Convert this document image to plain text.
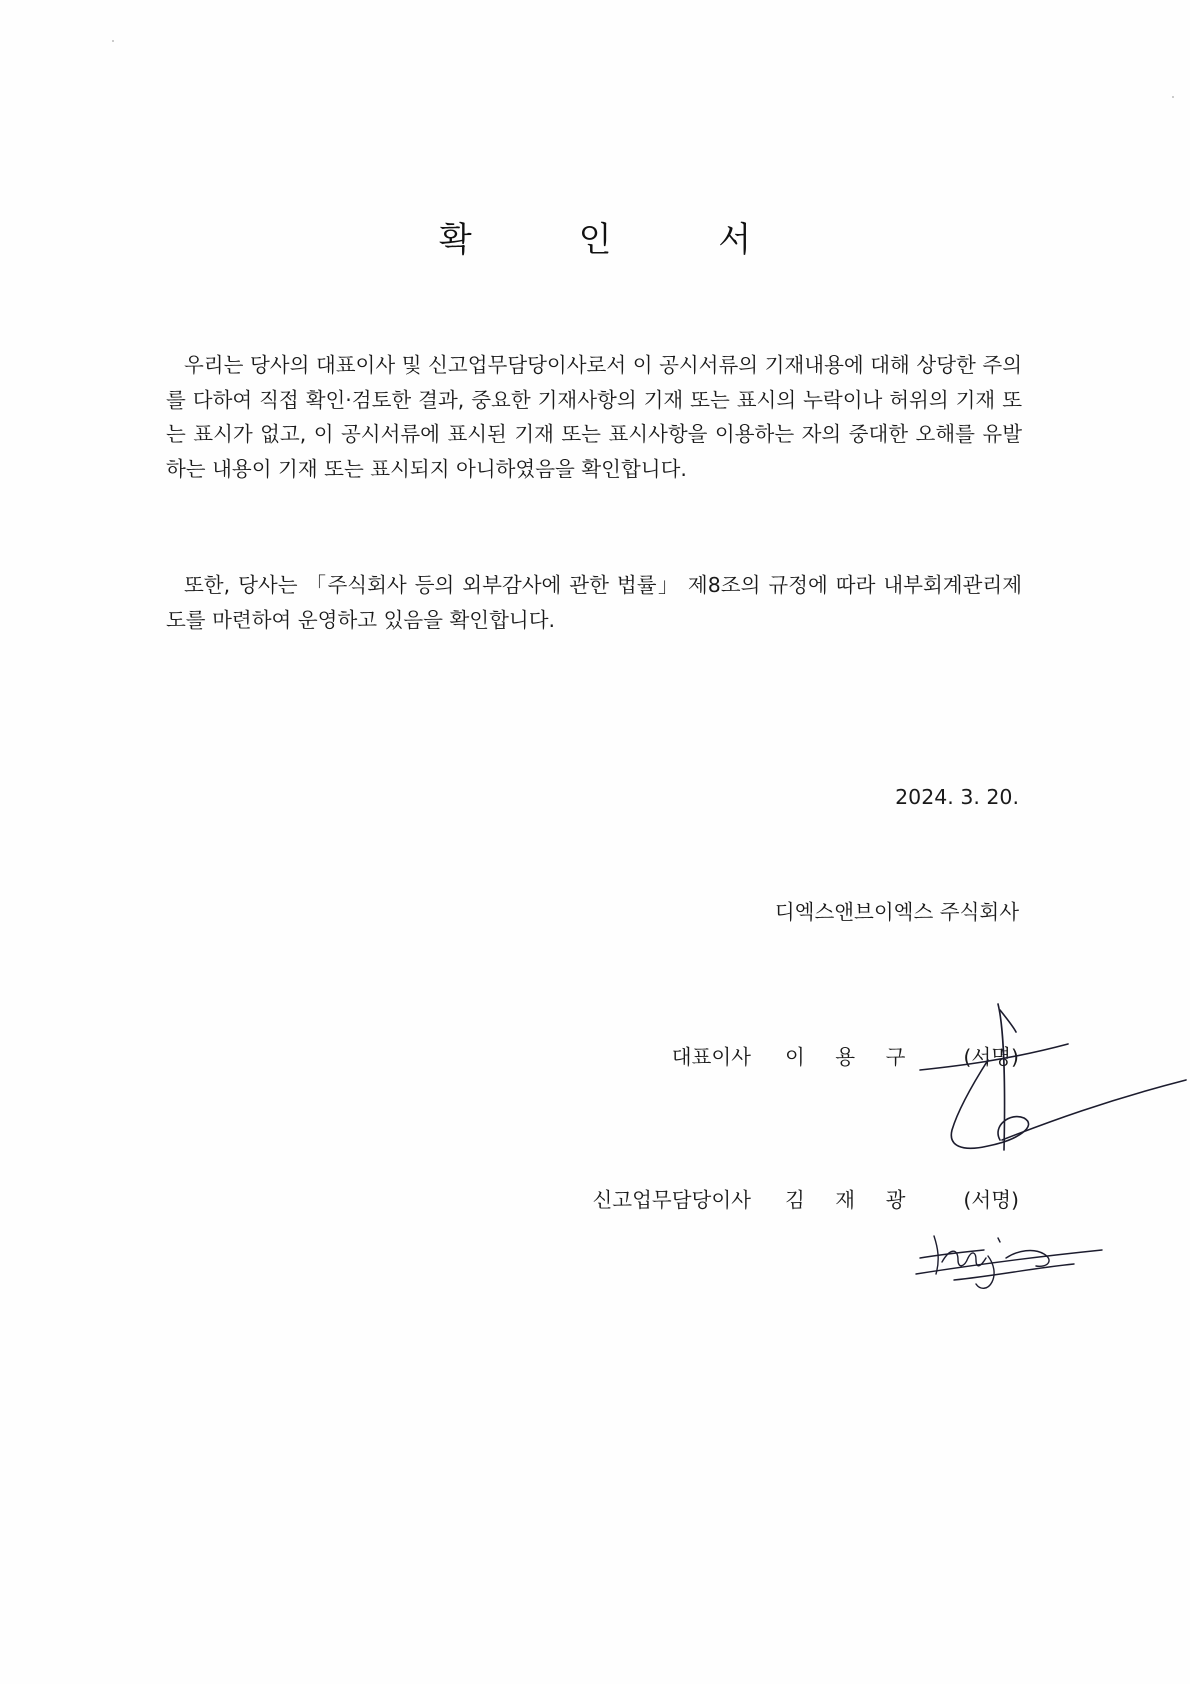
확 인 서

우리는 당사의 대표이사 및 신고업무담당이사로서 이 공시서류의 기재내용에 대해 상당한 주의를 다하여 직접 확인·검토한 결과, 중요한 기재사항의 기재 또는 표시의 누락이나 허위의 기재 또는 표시가 없고, 이 공시서류에 표시된 기재 또는 표시사항을 이용하는 자의 중대한 오해를 유발하는 내용이 기재 또는 표시되지 아니하였음을 확인합니다.

또한, 당사는 「주식회사 등의 외부감사에 관한 법률」 제8조의 규정에 따라 내부회계관리제도를 마련하여 운영하고 있음을 확인합니다.

2024. 3. 20.
디엑스앤브이엑스 주식회사
대표이사 이 용 구 (서명)
신고업무담당이사 김 재 광 (서명)
